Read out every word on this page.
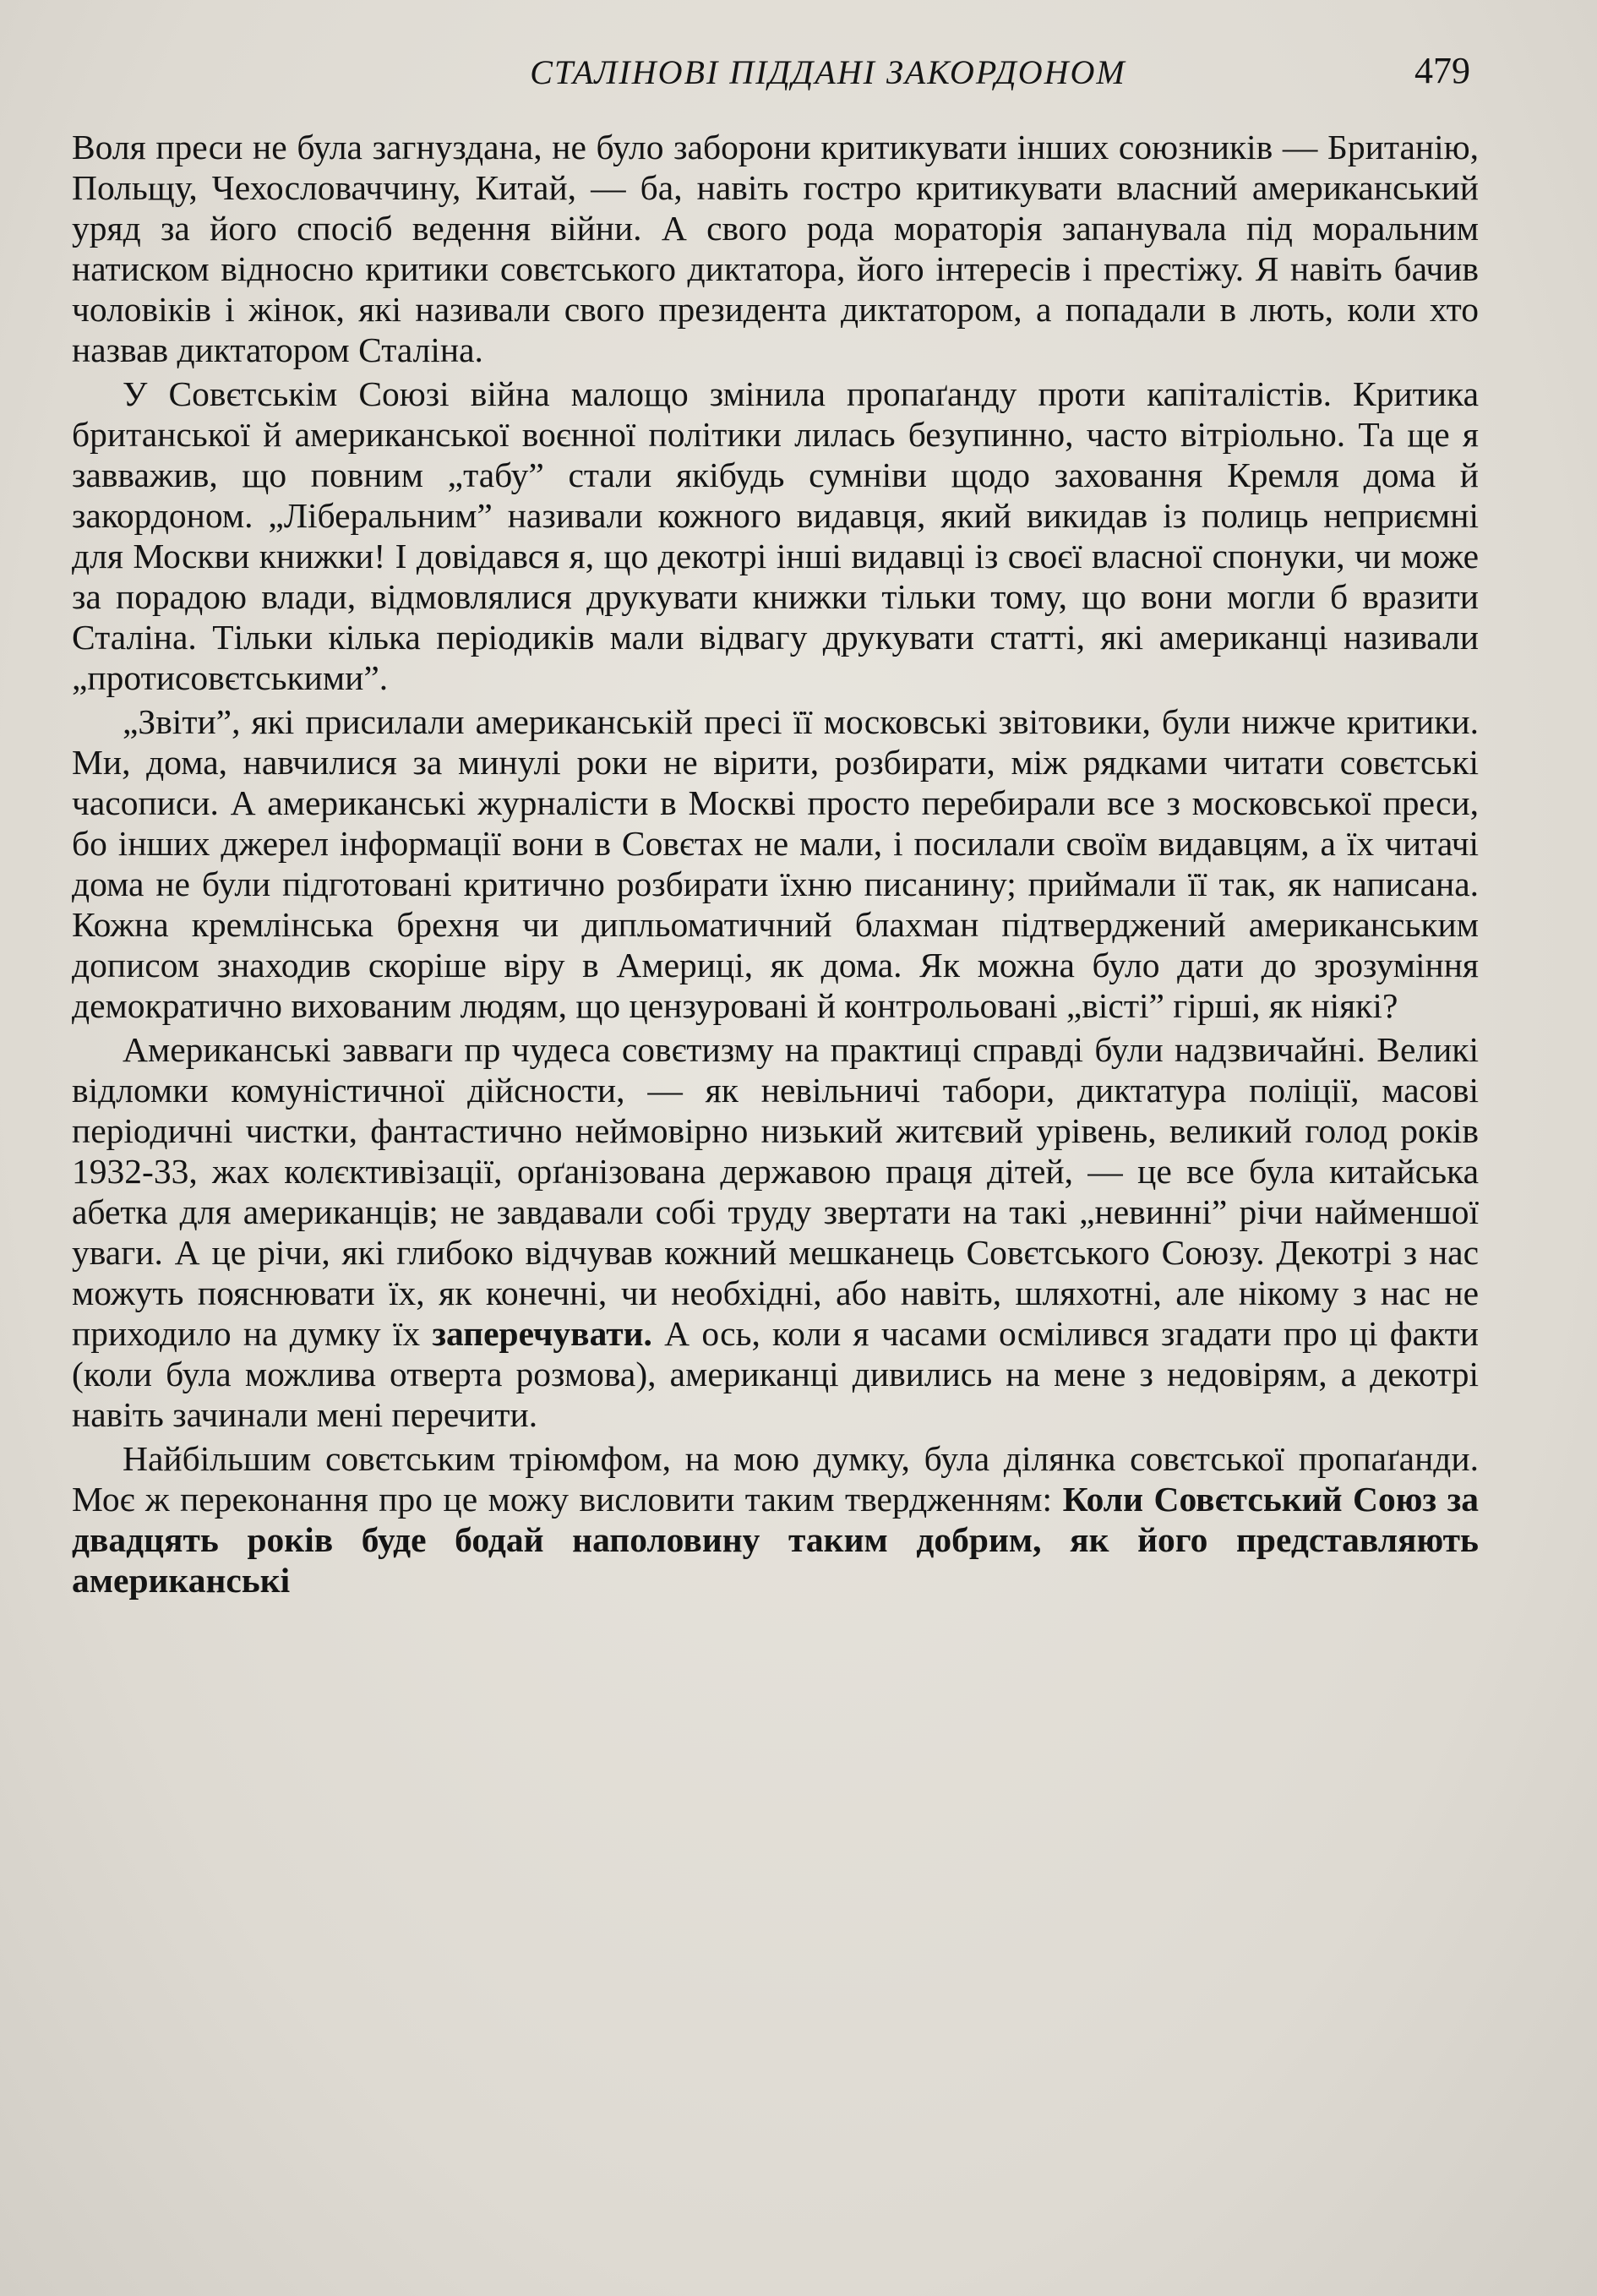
СТАЛІНОВІ ПІДДАНІ ЗАКОРДОНОМ	479

Воля преси не була загнуздана, не було заборони критикувати інших союзників — Британію, Польщу, Чехословаччину, Китай, — ба, навіть гостро критикувати власний американський уряд за його спосіб ведення війни. А свого рода морaторія запанувала під моральним натиском відносно критики совєтського диктатора, його інтересів і престіжу. Я навіть бачив чоловіків і жінок, які називали свого президента диктатором, а попадали в лють, коли хто назвав диктатором Сталіна.

У Совєтськім Союзі війна малощо змінила пропаґанду проти капіталістів. Критика британської й американської воєнної політики лилась безупинно, часто вітріольно. Та ще я завважив, що повним „табу” стали якібудь сумніви щодо заховання Кремля дома й закордоном. „Ліберальним” називали кожного видавця, який викидав із полиць неприємні для Москви книжки! І довідався я, що декотрі інші видавці із своєї власної спонуки, чи може за порадою влади, відмовлялися друкувати книжки тільки тому, що вони могли б вразити Сталіна. Тільки кілька періодиків мали відвагу друкувати статті, які американці називали „протисовєтськими”.

„Звіти”, які присилали американській пресі її московські звітовики, були нижче критики. Ми, дома, навчилися за минулі роки не вірити, розбирати, між рядками читати совєтські часописи. А американські журналісти в Москві просто перебирали все з московської преси, бо інших джерел інформації вони в Совєтах не мали, і посилали своїм видавцям, а їх читачі дома не були підготовані критично розбирати їхню писанину; приймали її так, як написана. Кожна кремлінська брехня чи дипльоматичний блахман підтверджений американським дописом знаходив скоріше віру в Америці, як дома. Як можна було дати до зрозуміння демократично вихованим людям, що цензуровані й контрольовані „вісті” гірші, як ніякі?

Американські завваги пр чудеса совєтизму на практиці справді були надзвичайні. Великі відломки комуністичної дійсности, — як невільничі табори, диктатура поліції, масові періодичні чистки, фантастично неймовірно низький житєвий урівень, великий голод років 1932-33, жах колєктивізації, орґанізована державою праця дітей, — це все була китайська абетка для американців; не завдавали собі труду звертати на такі „невинні” річи найменшої уваги. А це річи, які глибоко відчував кожний мешканець Совєтського Союзу. Декотрі з нас можуть пояснювати їх, як конечні, чи необхідні, або навіть, шляхотні, але нікому з нас не приходило на думку їх заперечувати. А ось, коли я часами осмілився згадати про ці факти (коли була можлива отверта розмова), американці дивились на мене з недовірям, а декотрі навіть зачинали мені перечити.

Найбільшим совєтським тріюмфом, на мою думку, була ділянка совєтської пропаґанди. Моє ж переконання про це можу висловити таким твердженням: Коли Совєтський Союз за двадцять років буде бодай наполовину таким добрим, як його представляють американські
